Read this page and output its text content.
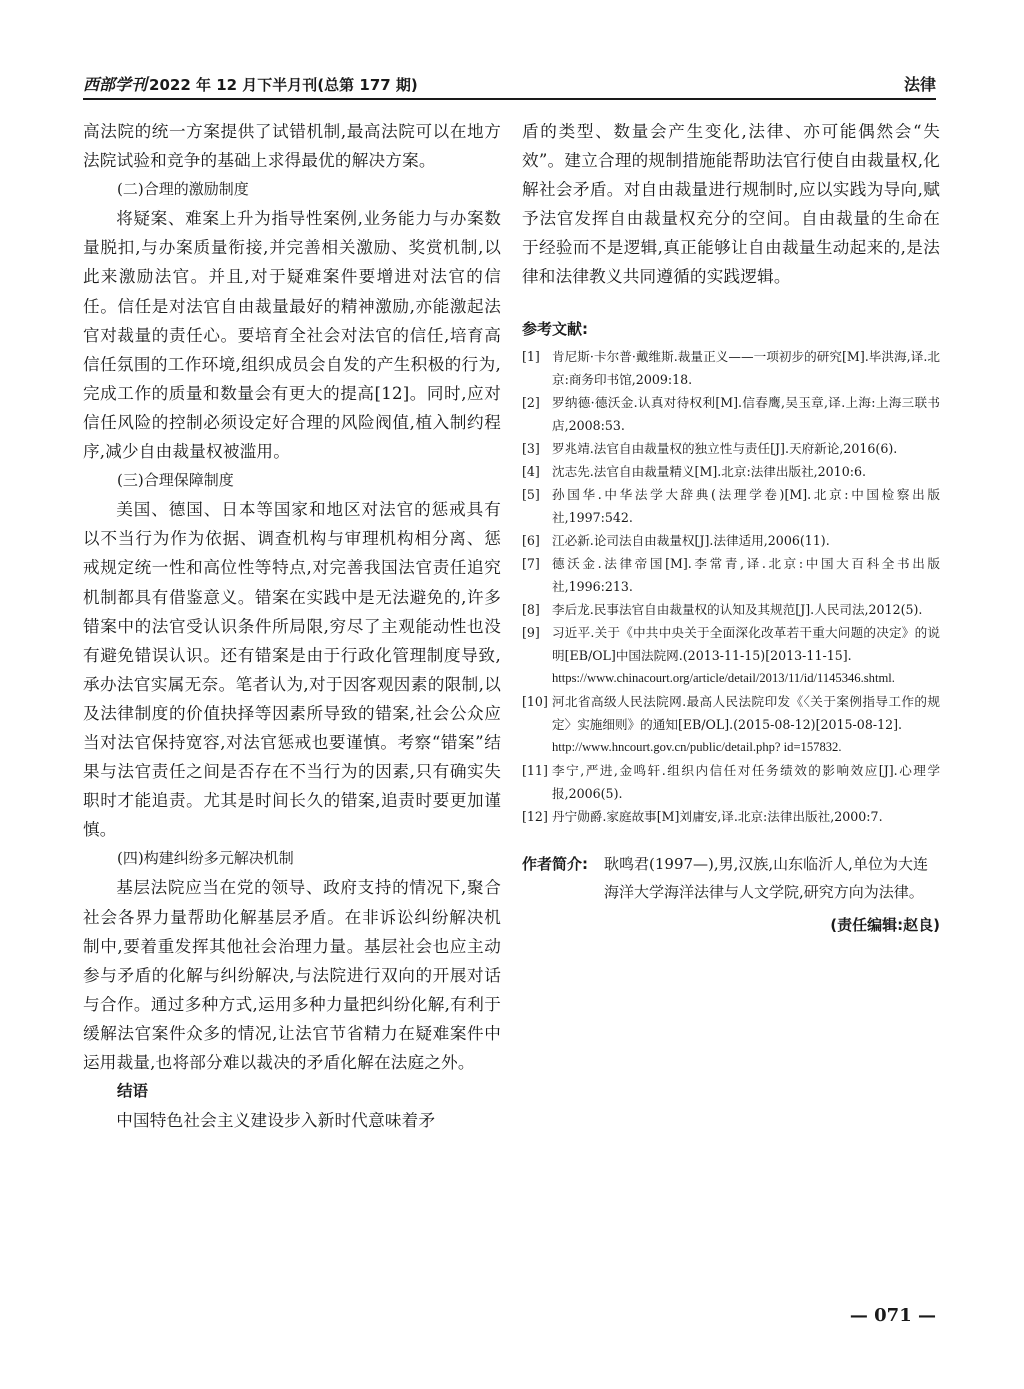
西部学刊 2022 年 12 月下半月刊(总第 177 期)	法律

高法院的统一方案提供了试错机制,最高法院可以在地方法院试验和竞争的基础上求得最优的解决方案。

(二)合理的激励制度

将疑案、难案上升为指导性案例,业务能力与办案数量脱扣,与办案质量衔接,并完善相关激励、奖赏机制,以此来激励法官。并且,对于疑难案件要增进对法官的信任。信任是对法官自由裁量最好的精神激励,亦能激起法官对裁量的责任心。要培育全社会对法官的信任,培育高信任氛围的工作环境,组织成员会自发的产生积极的行为,完成工作的质量和数量会有更大的提高[12]。同时,应对信任风险的控制必须设定好合理的风险阀值,植入制约程序,减少自由裁量权被滥用。

(三)合理保障制度

美国、德国、日本等国家和地区对法官的惩戒具有以不当行为作为依据、调查机构与审理机构相分离、惩戒规定统一性和高位性等特点,对完善我国法官责任追究机制都具有借鉴意义。错案在实践中是无法避免的,许多错案中的法官受认识条件所局限,穷尽了主观能动性也没有避免错误认识。还有错案是由于行政化管理制度导致,承办法官实属无奈。笔者认为,对于因客观因素的限制,以及法律制度的价值抉择等因素所导致的错案,社会公众应当对法官保持宽容,对法官惩戒也要谨慎。考察“错案”结果与法官责任之间是否存在不当行为的因素,只有确实失职时才能追责。尤其是时间长久的错案,追责时要更加谨慎。

(四)构建纠纷多元解决机制

基层法院应当在党的领导、政府支持的情况下,聚合社会各界力量帮助化解基层矛盾。在非诉讼纠纷解决机制中,要着重发挥其他社会治理力量。基层社会也应主动参与矛盾的化解与纠纷解决,与法院进行双向的开展对话与合作。通过多种方式,运用多种力量把纠纷化解,有利于缓解法官案件众多的情况,让法官节省精力在疑难案件中运用裁量,也将部分难以裁决的矛盾化解在法庭之外。

结语

中国特色社会主义建设步入新时代意味着矛

盾的类型、数量会产生变化,法律、亦可能偶然会“失效”。建立合理的规制措施能帮助法官行使自由裁量权,化解社会矛盾。对自由裁量进行规制时,应以实践为导向,赋予法官发挥自由裁量权充分的空间。自由裁量的生命在于经验而不是逻辑,真正能够让自由裁量生动起来的,是法律和法律教义共同遵循的实践逻辑。

参考文献:
[1] 肯尼斯·卡尔普·戴维斯.裁量正义——一项初步的研究[M].毕洪海,译.北京:商务印书馆,2009:18.
[2] 罗纳德·德沃金.认真对待权利[M].信春鹰,吴玉章,译.上海:上海三联书店,2008:53.
[3] 罗兆靖.法官自由裁量权的独立性与责任[J].天府新论,2016(6).
[4] 沈志先.法官自由裁量精义[M].北京:法律出版社,2010:6.
[5] 孙国华.中华法学大辞典(法理学卷)[M].北京:中国检察出版社,1997:542.
[6] 江必新.论司法自由裁量权[J].法律适用,2006(11).
[7] 德沃金.法律帝国[M].李常青,译.北京:中国大百科全书出版社,1996:213.
[8] 李后龙.民事法官自由裁量权的认知及其规范[J].人民司法,2012(5).
[9] 习近平.关于《中共中央关于全面深化改革若干重大问题的决定》的说明[EB/OL]中国法院网.(2013-11-15)[2013-11-15].
https://www.chinacourt.org/article/detail/2013/11/id/1145346.shtml.
[10] 河北省高级人民法院网.最高人民法院印发《〈关于案例指导工作的规定〉实施细则》的通知[EB/OL].(2015-08-12)[2015-08-12].
http://www.hncourt.gov.cn/public/detail.php? id=157832.
[11] 李宁,严进,金鸣轩.组织内信任对任务绩效的影响效应[J].心理学报,2006(5).
[12] 丹宁勋爵.家庭故事[M]刘庸安,译.北京:法律出版社,2000:7.
作者简介: 耿鸣君(1997—),男,汉族,山东临沂人,单位为大连海洋大学海洋法律与人文学院,研究方向为法律。
(责任编辑:赵良)
— 071 —
